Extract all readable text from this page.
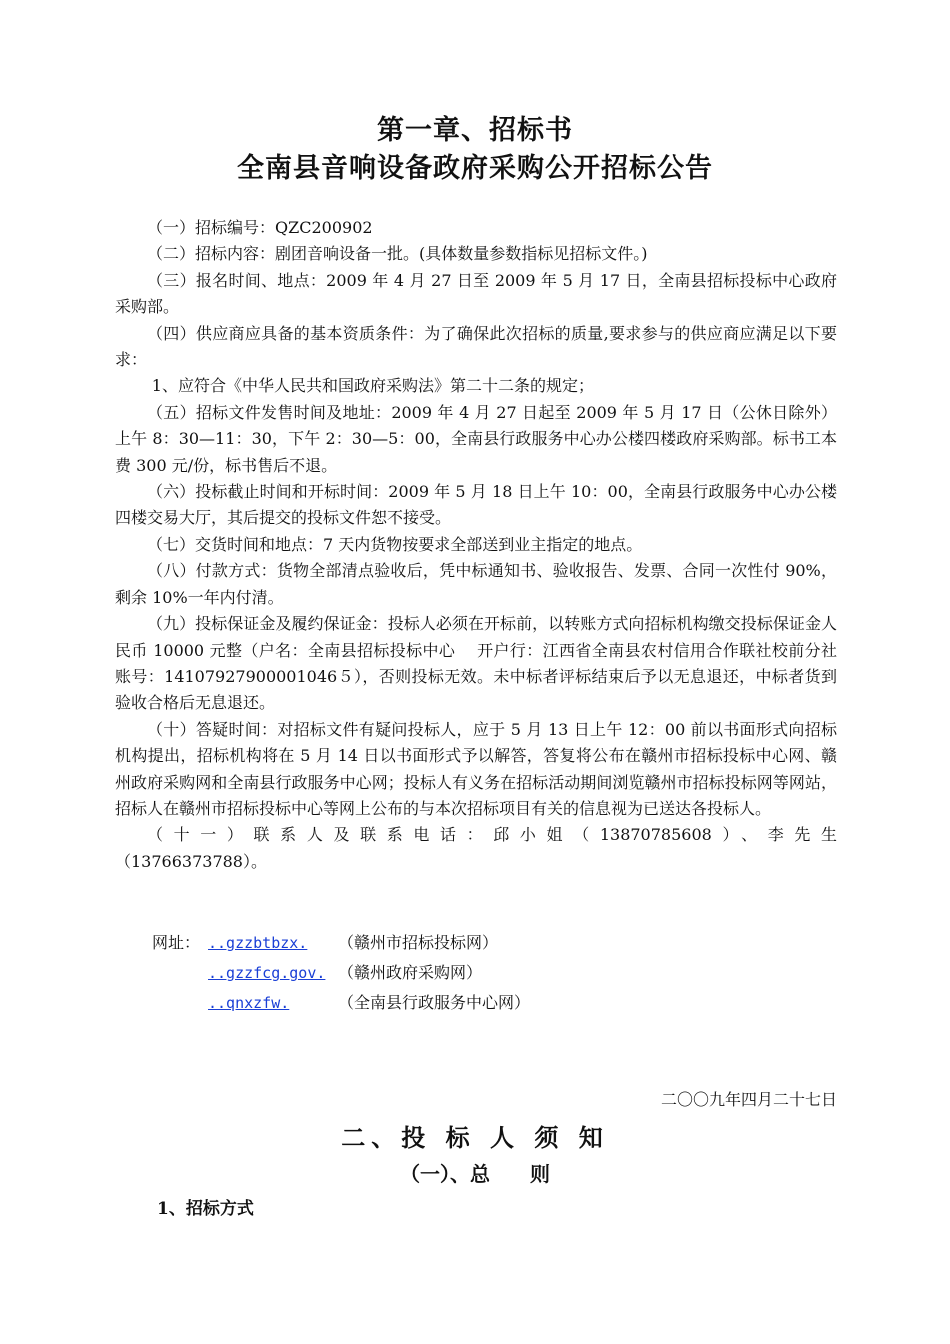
第一章、招标书
全南县音响设备政府采购公开招标公告

（一）招标编号：QZC200902

（二）招标内容：剧团音响设备一批。(具体数量参数指标见招标文件。)

（三）报名时间、地点：2009 年 4 月 27 日至 2009 年 5 月 17 日，全南县招标投标中心政府采购部。

（四）供应商应具备的基本资质条件：为了确保此次招标的质量,要求参与的供应商应满足以下要求：

1、应符合《中华人民共和国政府采购法》第二十二条的规定；

（五）招标文件发售时间及地址：2009 年 4 月 27 日起至 2009 年 5 月 17 日（公休日除外）上午 8：30—11：30，下午 2：30—5：00，全南县行政服务中心办公楼四楼政府采购部。标书工本费 300 元/份，标书售后不退。

（六）投标截止时间和开标时间：2009 年 5 月 18 日上午 10：00，全南县行政服务中心办公楼四楼交易大厅，其后提交的投标文件恕不接受。

（七）交货时间和地点：7 天内货物按要求全部送到业主指定的地点。

（八）付款方式：货物全部清点验收后，凭中标通知书、验收报告、发票、合同一次性付 90%，剩余 10%一年内付清。

（九）投标保证金及履约保证金：投标人必须在开标前，以转账方式向招标机构缴交投标保证金人民币 10000 元整（户名：全南县招标投标中心　 开户行：江西省全南县农村信用合作联社校前分社 账号：14107927900001046５），否则投标无效。未中标者评标结束后予以无息退还，中标者货到验收合格后无息退还。

（十）答疑时间：对招标文件有疑问投标人，应于 5 月 13 日上午 12：00 前以书面形式向招标机构提出，招标机构将在 5 月 14 日以书面形式予以解答，答复将公布在赣州市招标投标中心网、赣州政府采购网和全南县行政服务中心网；投标人有义务在招标活动期间浏览赣州市招标投标网等网站，招标人在赣州市招标投标中心等网上公布的与本次招标项目有关的信息视为已送达各投标人。

（十一）联系人及联系电话：邱小姐（13870785608）、李先生

（13766373788）。
网址： ..gzzbtbzx. （赣州市招标投标网）
..gzzfcg.gov. （赣州政府采购网）
..qnxzfw.	（全南县行政服务中心网）
二〇〇九年四月二十七日
二、投 标 人 须 知
（一）、总　　则
1、招标方式
